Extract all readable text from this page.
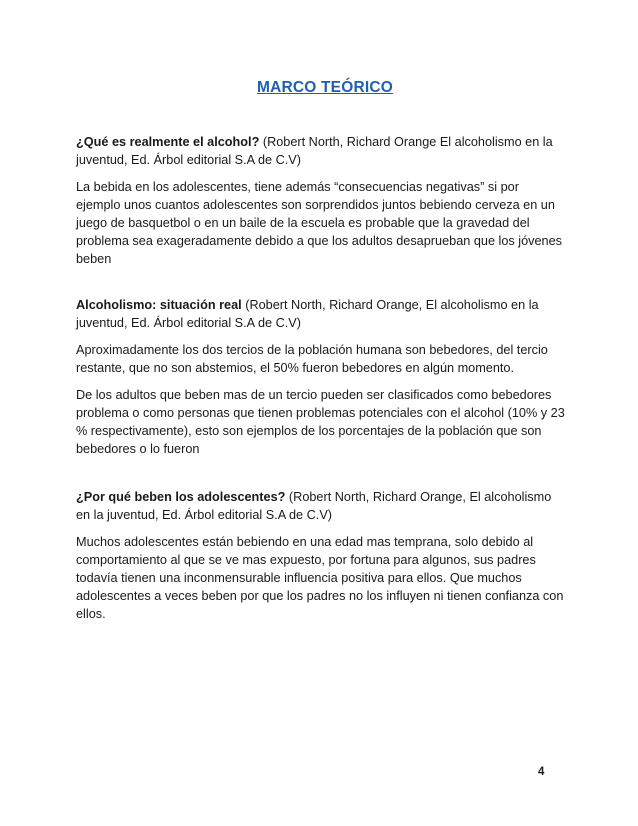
MARCO TEÓRICO

¿Qué es realmente el alcohol? (Robert North, Richard Orange El alcoholismo en la juventud, Ed. Árbol editorial S.A de C.V)

La bebida en los adolescentes, tiene además “consecuencias negativas” si por ejemplo unos cuantos adolescentes son sorprendidos juntos bebiendo cerveza en un juego de basquetbol o en un baile de la escuela es probable que la gravedad del problema sea exageradamente debido a que los adultos desaprueban que los jóvenes beben

Alcoholismo: situación real (Robert North, Richard Orange, El alcoholismo en la juventud, Ed. Árbol editorial S.A de C.V)

Aproximadamente los dos tercios de la población humana son bebedores, del tercio restante, que no son abstemios, el 50% fueron bebedores en algún momento.

De los adultos que beben mas de un tercio pueden ser clasificados como bebedores problema o como personas que tienen problemas potenciales con el alcohol (10% y 23 % respectivamente), esto son ejemplos de los porcentajes de la población que son bebedores o lo fueron

¿Por qué beben los adolescentes? (Robert North, Richard Orange, El alcoholismo en la juventud, Ed. Árbol editorial S.A de C.V)

Muchos adolescentes están bebiendo en una edad mas temprana, solo debido al comportamiento al que se ve mas expuesto, por fortuna para algunos, sus padres todavía tienen una inconmensurable influencia positiva para ellos. Que muchos adolescentes a veces beben por que los padres no los influyen ni tienen confianza con ellos.

4
